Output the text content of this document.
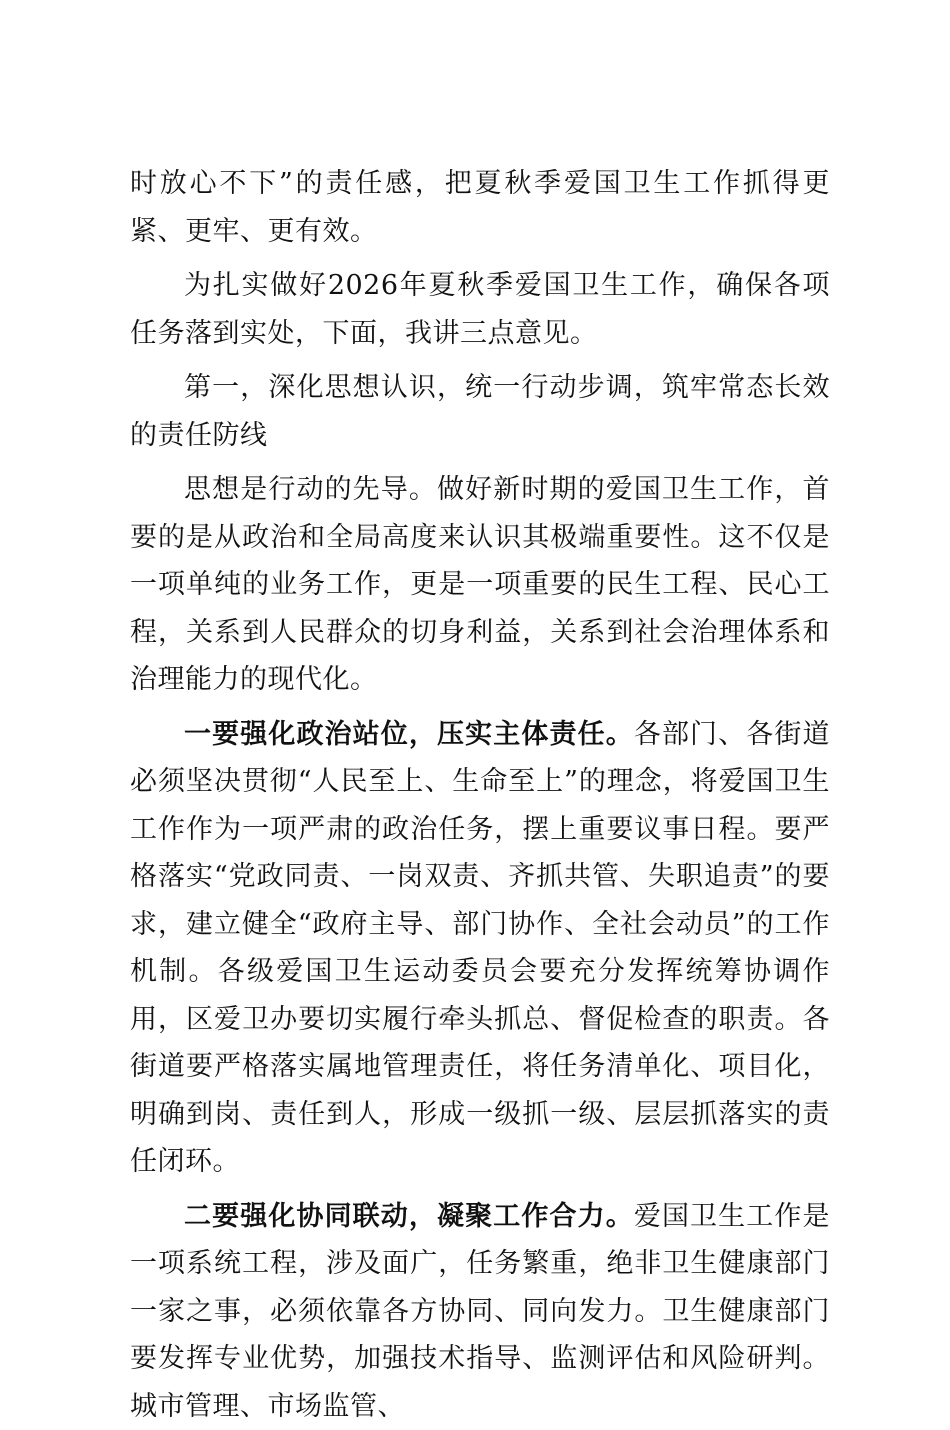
时放心不下”的责任感，把夏秋季爱国卫生工作抓得更紧、更牢、更有效。

为扎实做好2026年夏秋季爱国卫生工作，确保各项任务落到实处，下面，我讲三点意见。

第一，深化思想认识，统一行动步调，筑牢常态长效的责任防线

思想是行动的先导。做好新时期的爱国卫生工作，首要的是从政治和全局高度来认识其极端重要性。这不仅是一项单纯的业务工作，更是一项重要的民生工程、民心工程，关系到人民群众的切身利益，关系到社会治理体系和治理能力的现代化。

一要强化政治站位，压实主体责任。各部门、各街道必须坚决贯彻“人民至上、生命至上”的理念，将爱国卫生工作作为一项严肃的政治任务，摆上重要议事日程。要严格落实“党政同责、一岗双责、齐抓共管、失职追责”的要求，建立健全“政府主导、部门协作、全社会动员”的工作机制。各级爱国卫生运动委员会要充分发挥统筹协调作用，区爱卫办要切实履行牵头抓总、督促检查的职责。各街道要严格落实属地管理责任，将任务清单化、项目化，明确到岗、责任到人，形成一级抓一级、层层抓落实的责任闭环。

二要强化协同联动，凝聚工作合力。爱国卫生工作是一项系统工程，涉及面广，任务繁重，绝非卫生健康部门一家之事，必须依靠各方协同、同向发力。卫生健康部门要发挥专业优势，加强技术指导、监测评估和风险研判。城市管理、市场监管、
